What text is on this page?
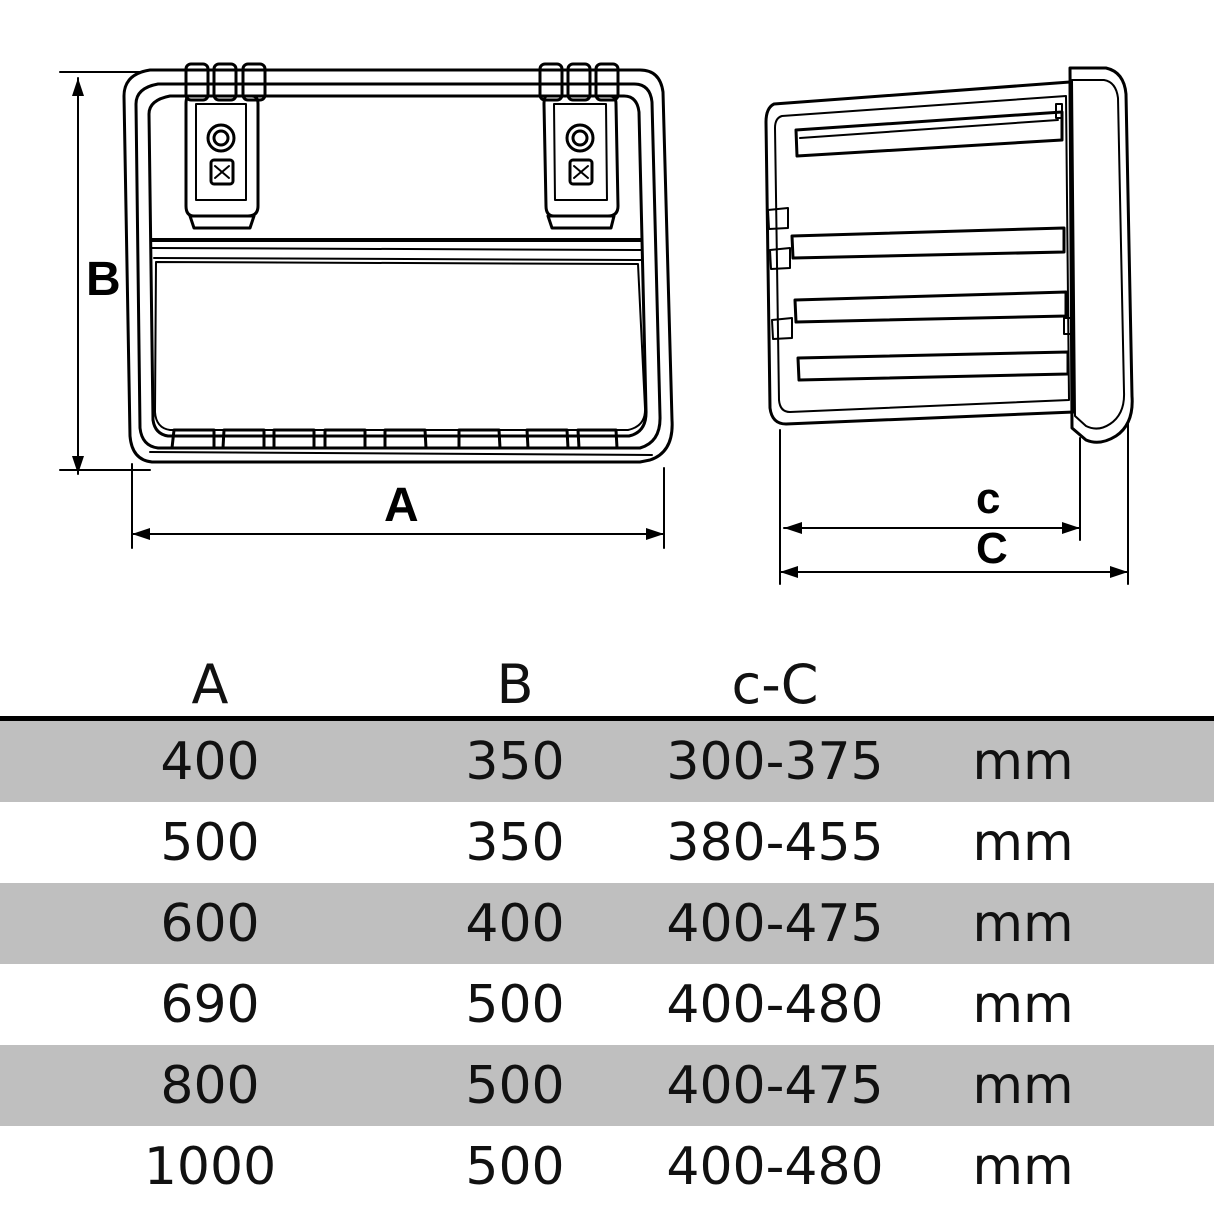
B
A	c
C
A	B	c-C
400	350	300-375	mm
500	350	380-455	mm
600	400	400-475	mm
690	500	400-480	mm
800	500	400-475	mm
1000	500	400-480	mm
